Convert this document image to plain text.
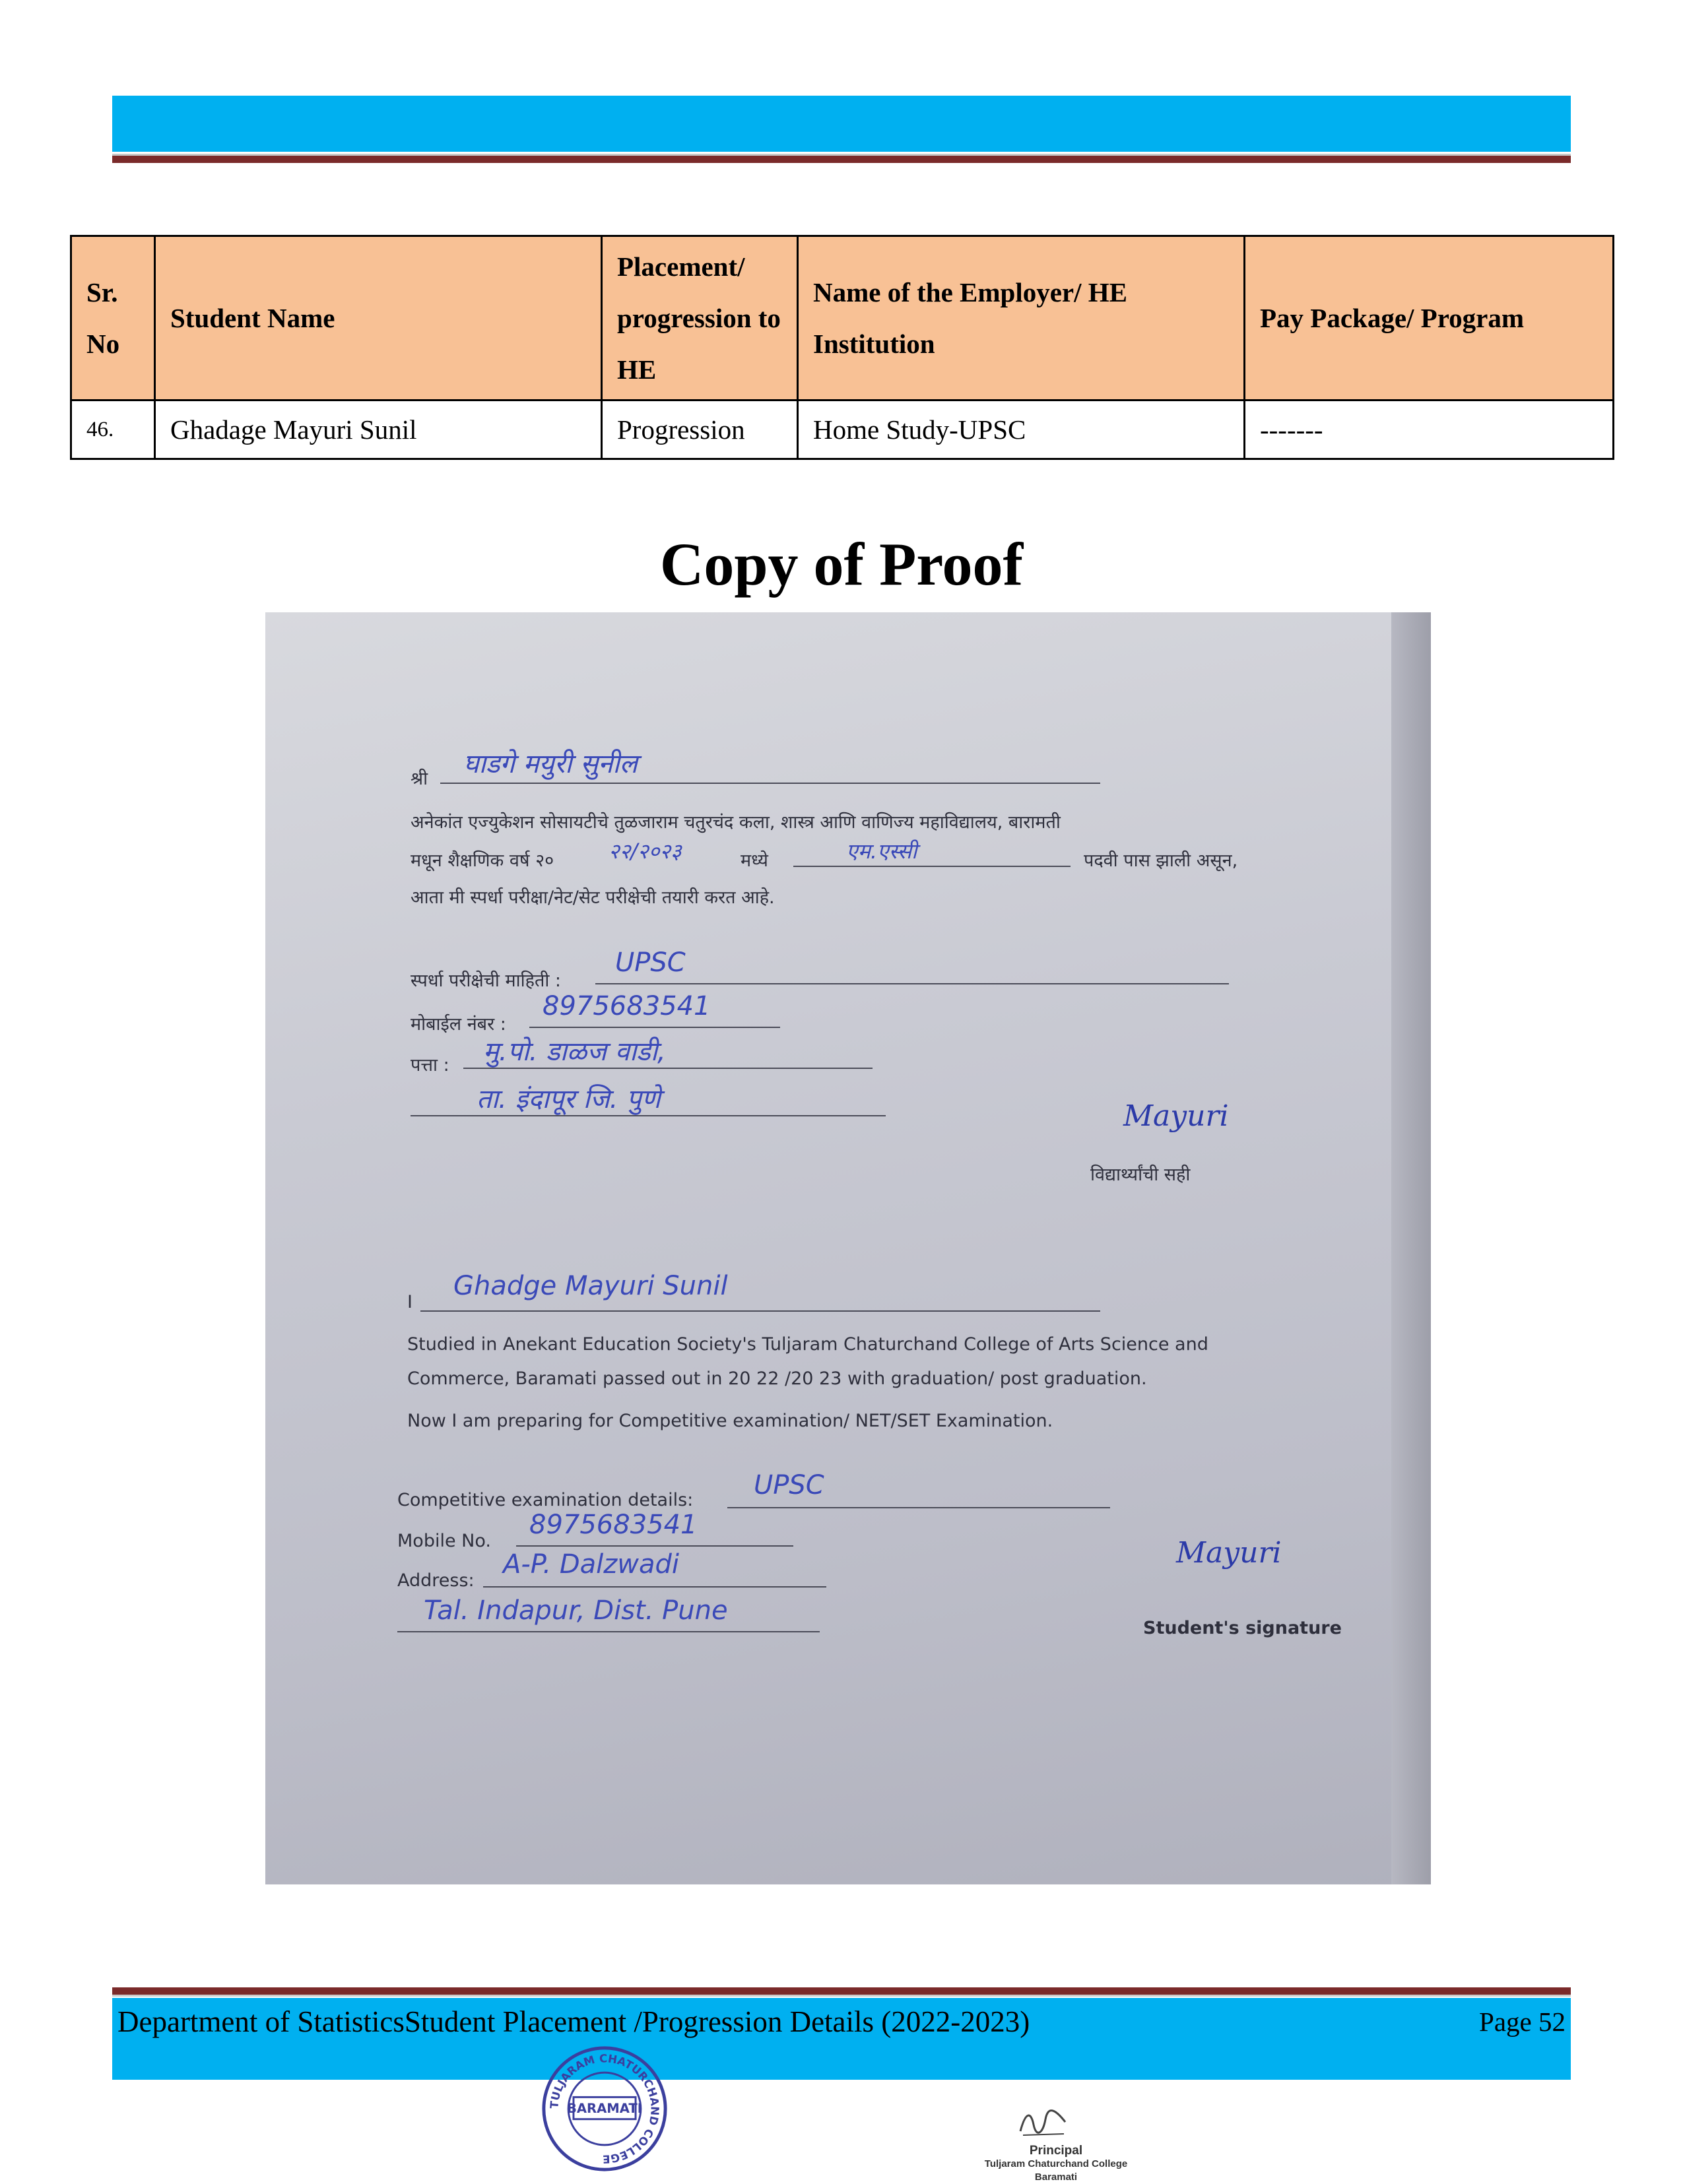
Sr. No	Student Name	Placement/ progression to HE	Name of the Employer/ HE Institution	Pay Package/ Program
46.	Ghadage Mayuri Sunil	Progression	Home Study-UPSC	-------
Copy of Proof
श्री घाडगे मयुरी सुनील
अनेकांत एज्युकेशन सोसायटीचे तुळजाराम चतुरचंद कला, शास्त्र आणि वाणिज्य महाविद्यालय, बारामती
मधून शैक्षणिक वर्ष २०	२२/२०२३	मध्ये	एम.एस्सी	पदवी पास झाली असून,
आता मी स्पर्धा परीक्षा/नेट/सेट परीक्षेची तयारी करत आहे.
स्पर्धा परीक्षेची माहिती :
UPSC
मोबाईल नंबर :
8975683541
पत्ता : मु.पो. डाळज वाडी,
ता. इंदापूर जि. पुणे	Mayuri
विद्यार्थ्यांची सही
I
Ghadge Mayuri Sunil
Studied in Anekant Education Society's Tuljaram Chaturchand College of Arts Science and
Commerce, Baramati passed out in 20 22 /20 23 with graduation/ post graduation.
Now I am preparing for Competitive examination/ NET/SET Examination.
Competitive examination details: UPSC
Mobile No.
8975683541
Address:
A-P. Dalzwadi
Tal. Indapur, Dist. Pune
Mayuri
Student's signature
Department of StatisticsStudent Placement /Progression Details (2022-2023)	Page 52
TULJARAM CHATURCHAND COLLEGE
BARAMATI
Principal
Tuljaram Chaturchand College
Baramati
